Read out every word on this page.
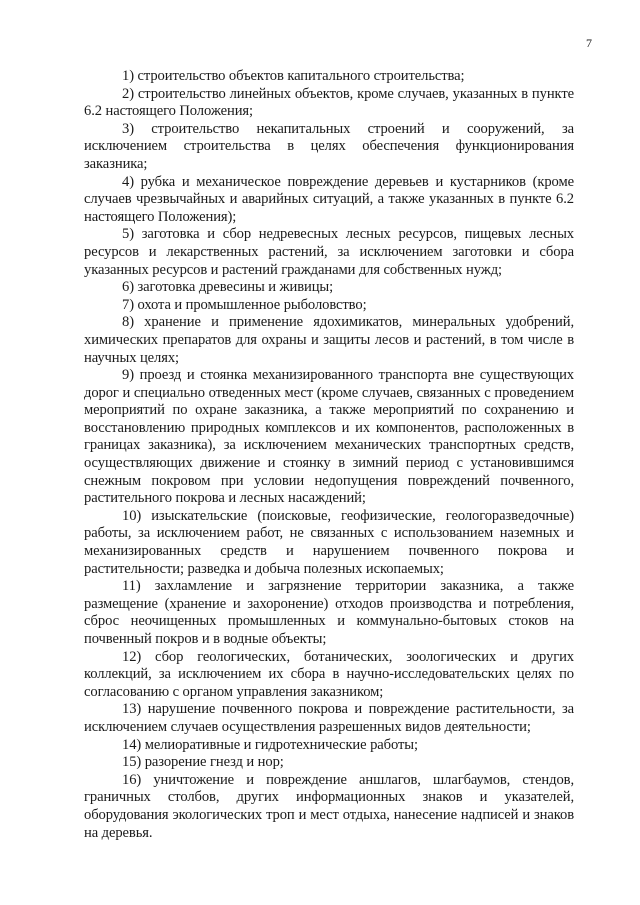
7

1) строительство объектов капитального строительства;

2) строительство линейных объектов, кроме случаев, указанных в пункте 6.2 настоящего Положения;

3) строительство некапитальных строений и сооружений, за исключением строительства в целях обеспечения функционирования заказника;

4) рубка и механическое повреждение деревьев и кустарников (кроме случаев чрезвычайных и аварийных ситуаций, а также указанных в пункте 6.2 настоящего Положения);

5) заготовка и сбор недревесных лесных ресурсов, пищевых лесных ресурсов и лекарственных растений, за исключением заготовки и сбора указанных ресурсов и растений гражданами для собственных нужд;

6) заготовка древесины и живицы;

7) охота и промышленное рыболовство;

8) хранение и применение ядохимикатов, минеральных удобрений, химических препаратов для охраны и защиты лесов и растений, в том числе в научных целях;

9) проезд и стоянка механизированного транспорта вне существующих дорог и специально отведенных мест (кроме случаев, связанных с проведением мероприятий по охране заказника, а также мероприятий по сохранению и восстановлению природных комплексов и их компонентов, расположенных в границах заказника), за исключением механических транспортных средств, осуществляющих движение и стоянку в зимний период с установившимся снежным покровом при условии недопущения повреждений почвенного, растительного покрова и лесных насаждений;

10) изыскательские (поисковые, геофизические, геологоразведочные) работы, за исключением работ, не связанных с использованием наземных и механизированных средств и нарушением почвенного покрова и растительности; разведка и добыча полезных ископаемых;

11) захламление и загрязнение территории заказника, а также размещение (хранение и захоронение) отходов производства и потребления, сброс неочищенных промышленных и коммунально-бытовых стоков на почвенный покров и в водные объекты;

12) сбор геологических, ботанических, зоологических и других коллекций, за исключением их сбора в научно-исследовательских целях по согласованию с органом управления заказником;

13) нарушение почвенного покрова и повреждение растительности, за исключением случаев осуществления разрешенных видов деятельности;

14) мелиоративные и гидротехнические работы;

15) разорение гнезд и нор;

16) уничтожение и повреждение аншлагов, шлагбаумов, стендов, граничных столбов, других информационных знаков и указателей, оборудования экологических троп и мест отдыха, нанесение надписей и знаков на деревья.
